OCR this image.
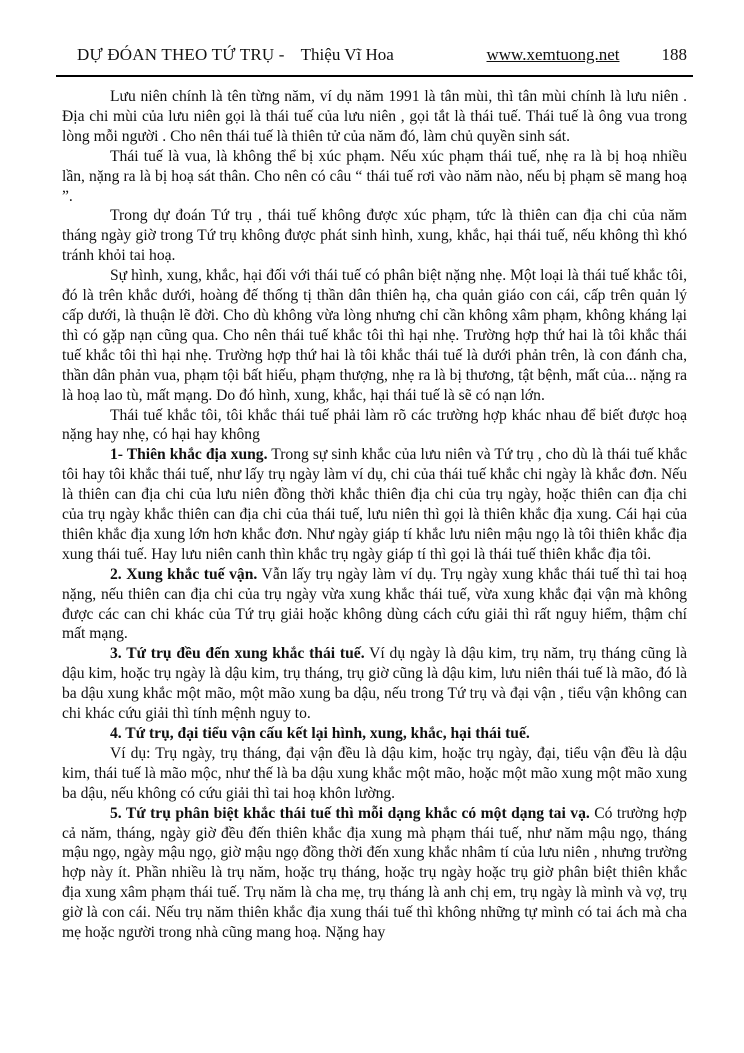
DỰ ĐÓAN THEO TỨ TRỤ - Thiệu Vĩ Hoa	www.xemtuong.net 188

Lưu niên chính là tên từng năm, ví dụ năm 1991 là tân mùi, thì tân mùi chính là lưu niên . Địa chi mùi của lưu niên gọi là thái tuế của lưu niên , gọi tắt là thái tuế. Thái tuế là ông vua trong lòng mỗi người . Cho nên thái tuế là thiên tử của năm đó, làm chủ quyền sinh sát.

Thái tuế là vua, là không thể bị xúc phạm. Nếu xúc phạm thái tuế, nhẹ ra là bị hoạ nhiều lần, nặng ra là bị hoạ sát thân. Cho nên có câu “ thái tuế rơi vào năm nào, nếu bị phạm sẽ mang hoạ ”.

Trong dự đoán Tứ trụ , thái tuế không được xúc phạm, tức là thiên can địa chi của năm tháng ngày giờ trong Tứ trụ không được phát sinh hình, xung, khắc, hại thái tuế, nếu không thì khó tránh khỏi tai hoạ.

Sự hình, xung, khắc, hại đối với thái tuế có phân biệt nặng nhẹ. Một loại là thái tuế khắc tôi, đó là trên khắc dưới, hoàng đế thống tị thần dân thiên hạ, cha quản giáo con cái, cấp trên quản lý cấp dưới, là thuận lẽ đời. Cho dù không vừa lòng nhưng chỉ cần không xâm phạm, không kháng lại thì có gặp nạn cũng qua. Cho nên thái tuế khắc tôi thì hại nhẹ. Trường hợp thứ hai là tôi khắc thái tuế khắc tôi thì hại nhẹ. Trường hợp thứ hai là tôi khắc thái tuế là dưới phản trên, là con đánh cha, thần dân phản vua, phạm tội bất hiếu, phạm thượng, nhẹ ra là bị thương, tật bệnh, mất của... nặng ra là hoạ lao tù, mất mạng. Do đó hình, xung, khắc, hại thái tuế là sẽ có nạn lớn.

Thái tuế khắc tôi, tôi khắc thái tuế phải làm rõ các trường hợp khác nhau để biết được hoạ nặng hay nhẹ, có hại hay không

1- Thiên khắc địa xung. Trong sự sinh khắc của lưu niên và Tứ trụ , cho dù là thái tuế khắc tôi hay tôi khắc thái tuế, như lấy trụ ngày làm ví dụ, chi của thái tuế khắc chi ngày là khắc đơn. Nếu là thiên can địa chi của lưu niên đồng thời khắc thiên địa chi của trụ ngày, hoặc thiên can địa chi của trụ ngày khắc thiên can địa chi của thái tuế, lưu niên thì gọi là thiên khắc địa xung. Cái hại của thiên khắc địa xung lớn hơn khắc đơn. Như ngày giáp tí khắc lưu niên mậu ngọ là tôi thiên khắc địa xung thái tuế. Hay lưu niên canh thìn khắc trụ ngày giáp tí thì gọi là thái tuế thiên khắc địa tôi.

2. Xung khắc tuế vận. Vẫn lấy trụ ngày làm ví dụ. Trụ ngày xung khắc thái tuế thì tai hoạ nặng, nếu thiên can địa chi của trụ ngày vừa xung khắc thái tuế, vừa xung khắc đại vận mà không được các can chi khác của Tứ trụ giải hoặc không dùng cách cứu giải thì rất nguy hiểm, thậm chí mất mạng.

3. Tứ trụ đều đến xung khắc thái tuế. Ví dụ ngày là dậu kim, trụ năm, trụ tháng cũng là dậu kim, hoặc trụ ngày là dậu kim, trụ tháng, trụ giờ cũng là dậu kim, lưu niên thái tuế là mão, đó là ba dậu xung khắc một mão, một mão xung ba dậu, nếu trong Tứ trụ và đại vận , tiểu vận không can chi khác cứu giải thì tính mệnh nguy to.

4. Tứ trụ, đại tiểu vận cấu kết lại hình, xung, khắc, hại thái tuế.

Ví dụ: Trụ ngày, trụ tháng, đại vận đều là dậu kim, hoặc trụ ngày, đại, tiểu vận đều là dậu kim, thái tuế là mão mộc, như thế là ba dậu xung khắc một mão, hoặc một mão xung một mão xung ba dậu, nếu không có cứu giải thì tai hoạ khôn lường.

5. Tứ trụ phân biệt khắc thái tuế thì mỗi dạng khắc có một dạng tai vạ. Có trường hợp cả năm, tháng, ngày giờ đều đến thiên khắc địa xung mà phạm thái tuế, như năm mậu ngọ, tháng mậu ngọ, ngày mậu ngọ, giờ mậu ngọ đồng thời đến xung khắc nhâm tí của lưu niên , nhưng trường hợp này ít. Phần nhiều là trụ năm, hoặc trụ tháng, hoặc trụ ngày hoặc trụ giờ phân biệt thiên khắc địa xung xâm phạm thái tuế. Trụ năm là cha mẹ, trụ tháng là anh chị em, trụ ngày là mình và vợ, trụ giờ là con cái. Nếu trụ năm thiên khắc địa xung thái tuế thì không những tự mình có tai ách mà cha mẹ hoặc người trong nhà cũng mang hoạ. Nặng hay
